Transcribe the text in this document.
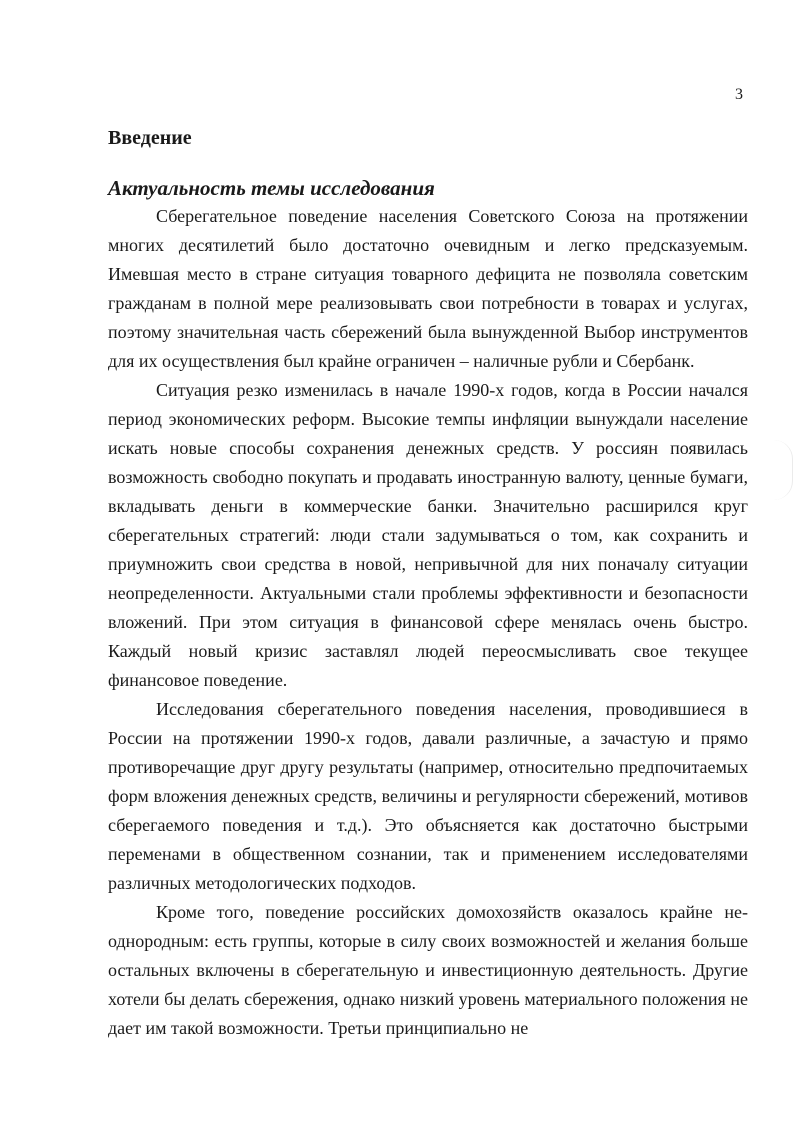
3
Введение
Актуальность темы исследования

Сберегательное поведение населения Советского Союза на протяжении многих десятилетий было достаточно очевидным и легко предсказуемым. Имевшая место в стране ситуация товарного дефицита не позволяла советским гражданам в полной мере реализовывать свои потребности в товарах и услугах, поэтому значительная часть сбережений была вынужденной Выбор инструментов для их осуществления был крайне ограничен – наличные рубли и Сбербанк.

Ситуация резко изменилась в начале 1990-х годов, когда в России начался период экономических реформ. Высокие темпы инфляции вынуждали население искать новые способы сохранения денежных средств. У россиян появилась возможность свободно покупать и продавать иностранную валюту, ценные бумаги, вкладывать деньги в коммерческие банки. Значительно расширился круг сберегательных стратегий: люди стали задумываться о том, как сохранить и приумножить свои средства в новой, непривычной для них поначалу ситуации неопределенности. Актуальными стали проблемы эффективности и безопасности вложений. При этом ситуация в финансовой сфере менялась очень быстро. Каждый новый кризис заставлял людей переосмысливать свое текущее финансовое поведение.

Исследования сберегательного поведения населения, проводившиеся в России на протяжении 1990-х годов, давали различные, а зачастую и прямо противоречащие друг другу результаты (например, относительно предпочитаемых форм вложения денежных средств, величины и регулярности сбережений, мотивов сберегаемого поведения и т.д.). Это объясняется как достаточно быстрыми переменами в общественном сознании, так и применением исследователями различных методологических подходов.

Кроме того, поведение российских домохозяйств оказалось крайне неоднородным: есть группы, которые в силу своих возможностей и желания больше остальных включены в сберегательную и инвестиционную деятельность. Другие хотели бы делать сбережения, однако низкий уровень материального положения не дает им такой возможности. Третьи принципиально не
